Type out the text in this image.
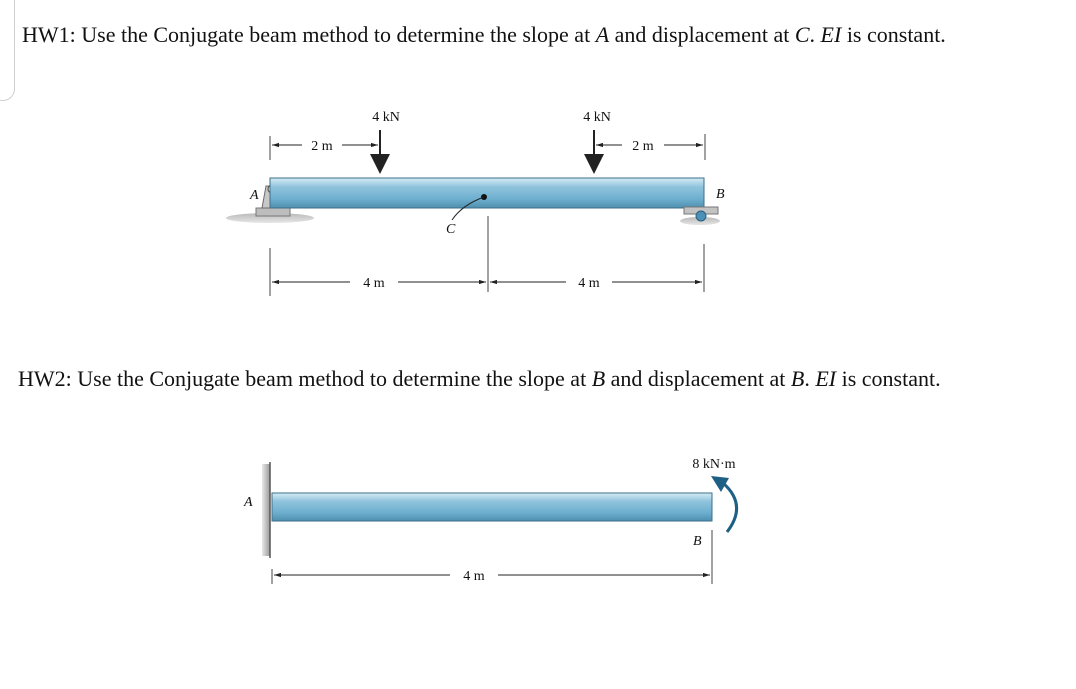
HW1: Use the Conjugate beam method to determine the slope at A and displacement at C. EI is constant.
HW2: Use the Conjugate beam method to determine the slope at B and displacement at B. EI is constant.
4 kN	4 kN
2 m	2 m
4 m	4 m
A	B
C
8 kN·m
4 m
A
B
